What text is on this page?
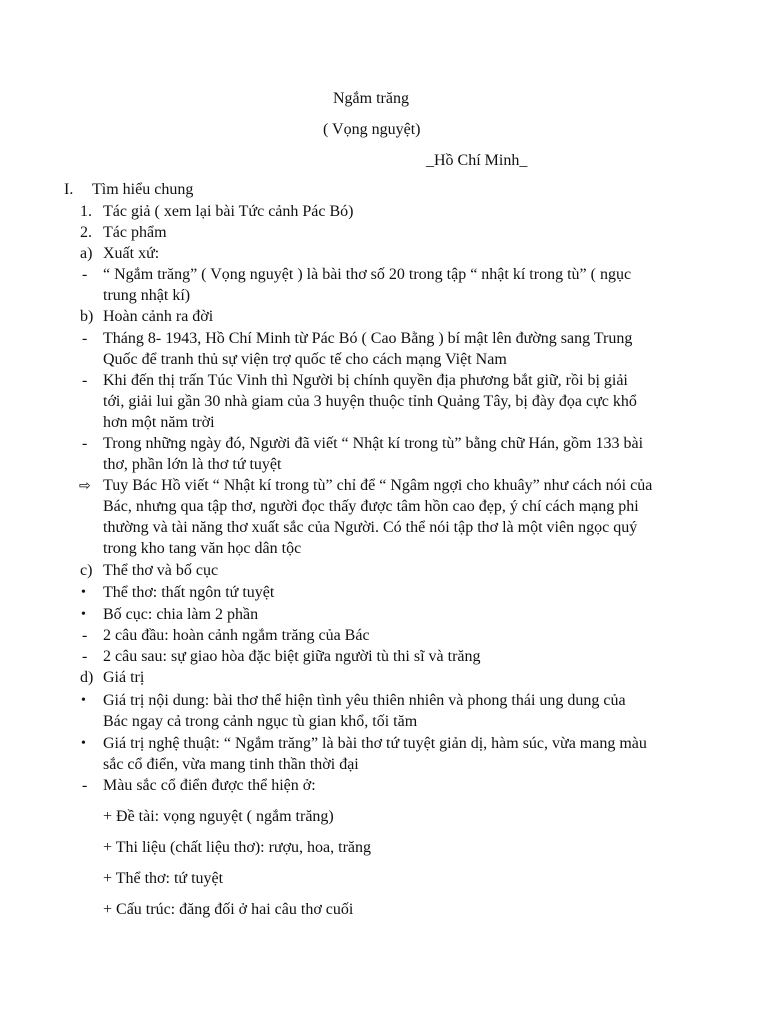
Ngắm trăng
( Vọng nguyệt)
_Hồ Chí Minh_
I. Tìm hiểu chung
1. Tác giả ( xem lại bài Tức cảnh Pác Bó)
2. Tác phẩm
a) Xuất xứ:
- “ Ngắm trăng” ( Vọng nguyệt ) là bài thơ số 20 trong tập “ nhật kí trong tù” ( ngục
trung nhật kí)
b) Hoàn cảnh ra đời
- Tháng 8- 1943, Hồ Chí Minh từ Pác Bó ( Cao Bằng ) bí mật lên đường sang Trung
Quốc để tranh thủ sự viện trợ quốc tế cho cách mạng Việt Nam
- Khi đến thị trấn Túc Vinh thì Người bị chính quyền địa phương bắt giữ, rồi bị giải
tới, giải lui gần 30 nhà giam của 3 huyện thuộc tỉnh Quảng Tây, bị đày đọa cực khổ
hơn một năm trời
- Trong những ngày đó, Người đã viết “ Nhật kí trong tù” bằng chữ Hán, gồm 133 bài
thơ, phần lớn là thơ tứ tuyệt
⇨ Tuy Bác Hồ viết “ Nhật kí trong tù” chỉ để “ Ngâm ngợi cho khuây” như cách nói của
Bác, nhưng qua tập thơ, người đọc thấy được tâm hồn cao đẹp, ý chí cách mạng phi
thường và tài năng thơ xuất sắc của Người. Có thể nói tập thơ là một viên ngọc quý
trong kho tang văn học dân tộc
c) Thể thơ và bố cục
• Thể thơ: thất ngôn tứ tuyệt
• Bố cục: chia làm 2 phần
- 2 câu đầu: hoàn cảnh ngắm trăng của Bác
- 2 câu sau: sự giao hòa đặc biệt giữa người tù thi sĩ và trăng
d) Giá trị
• Giá trị nội dung: bài thơ thể hiện tình yêu thiên nhiên và phong thái ung dung của
Bác ngay cả trong cảnh ngục tù gian khổ, tối tăm
• Giá trị nghệ thuật: “ Ngắm trăng” là bài thơ tứ tuyệt giản dị, hàm súc, vừa mang màu
sắc cổ điển, vừa mang tinh thần thời đại
- Màu sắc cổ điển được thể hiện ở:
+ Đề tài: vọng nguyệt ( ngắm trăng)
+ Thi liệu (chất liệu thơ): rượu, hoa, trăng
+ Thể thơ: tứ tuyệt
+ Cấu trúc: đăng đối ở hai câu thơ cuối
